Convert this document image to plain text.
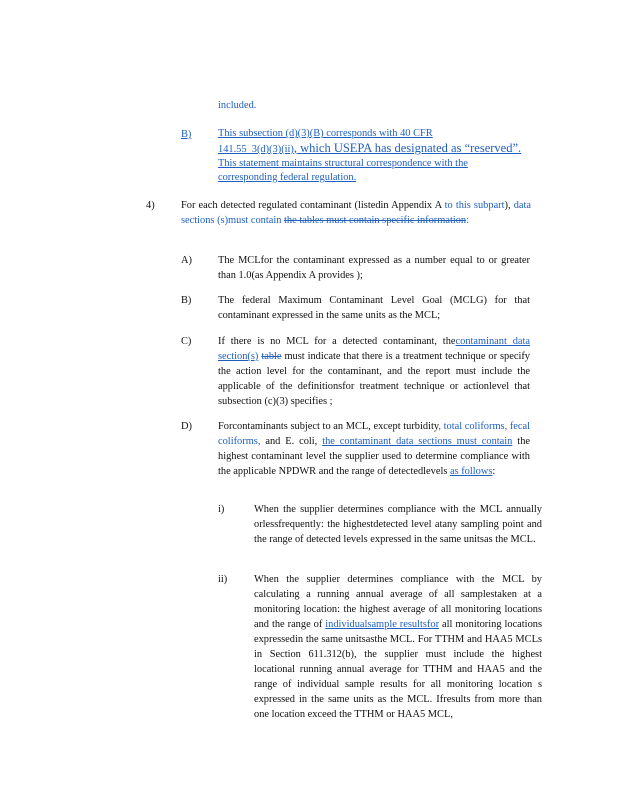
included.
B)	This subsection (d)(3)(B) corresponds with 40 CFR
141.55_3(d)(3)(ii), which USEPA has designated as “reserved”.
This statement maintains structural correspondence with the
corresponding federal regulation.
4)	For each detected regulated contaminant (listedin Appendix A to this subpart), data sections (s)must contain the tables must contain specific information:
A)	The MCLfor the contaminant expressed as a number equal to or greater than 1.0(as Appendix A provides );
B)	The federal Maximum Contaminant Level Goal (MCLG) for that contaminant expressed in the same units as the MCL;
C)	If there is no MCL for a detected contaminant, thecontaminant data section(s) table must indicate that there is a treatment technique or specify the action level for the contaminant, and the report must include the applicable of the definitionsfor treatment technique or actionlevel that subsection (c)(3) specifies ;
D)	Forcontaminants subject to an MCL, except turbidity, total coliforms, fecal coliforms, and E. coli, the contaminant data sections must contain the highest contaminant level the supplier used to determine compliance with the applicable NPDWR and the range of detectedlevels as follows:
i)	When the supplier determines compliance with the MCL annually orlessfrequently: the highestdetected level atany sampling point and the range of detected levels expressed in the same unitsas the MCL.
ii)	When the supplier determines compliance with the MCL by calculating a running annual average of all samplestaken at a monitoring location: the highest average of all monitoring locations and the range of individualsample resultsfor all monitoring locations expressedin the same unitsasthe MCL. For TTHM and HAA5 MCLs in Section 611.312(b), the supplier must include the highest locational running annual average for TTHM and HAA5 and the range of individual sample results for all monitoring location s expressed in the same units as the MCL. Ifresults from more than one location exceed the TTHM or HAA5 MCL,
